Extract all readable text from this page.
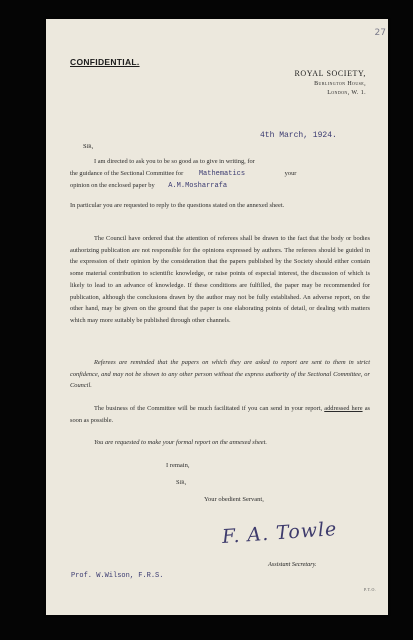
27
CONFIDENTIAL.
ROYAL SOCIETY,
Burlington House,
London, W. 1.
4th March, 1924.
Sir,
I am directed to ask you to be so good as to give in writing, for
the guidance of the Sectional Committee for Mathematics	your
opinion on the enclosed paper by A.M.Mosharrafa
In particular you are requested to reply to the questions stated on the annexed sheet.
The Council have ordered that the attention of referees shall be drawn to the fact that the body or bodies authorizing publication are not responsible for the opinions expressed by authors. The referees should be guided in the expression of their opinion by the consideration that the papers published by the Society should either contain some material contribution to scientific knowledge, or raise points of especial interest, the discussion of which is likely to lead to an advance of knowledge. If these conditions are fulfilled, the paper may be recommended for publication, although the conclusions drawn by the author may not be fully established. An adverse report, on the other hand, may be given on the ground that the paper is one elaborating points of detail, or dealing with matters which may more suitably be published through other channels.
Referees are reminded that the papers on which they are asked to report are sent to them in strict confidence, and may not be shown to any other person without the express authority of the Sectional Committee, or Council.
The business of the Committee will be much facilitated if you can send in your report, addressed here as soon as possible.
You are requested to make your formal report on the annexed sheet.
I remain,
Sir,
Your obedient Servant,
F. A. Towle
Assistant Secretary.
Prof. W.Wilson, F.R.S.
P.T.O.
